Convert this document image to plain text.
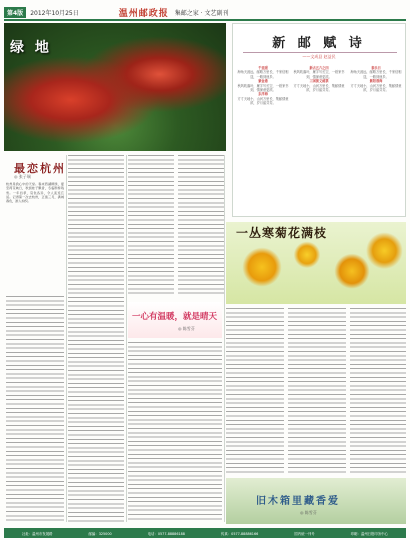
第4版	2012年10月25日	温州邮政报 集邮之家 · 文艺副刊
绿 地	新 邮 赋 诗
——文成县 赵益民
千里眼
海角天涯远，邮路万里长，千家信相送，一路到他乡。
紫金港
秋风吹落叶，雁字写长空，一纸家书到，情深意更浓。
东洋海
方寸天地小，山河万里长，集邮情意浓，岁月留芬芳。
新古五六之四
秋风吹落叶，雁字写长空，一纸家书到，情深意更浓。
三国演义邮票
方寸天地小，山河万里长，集邮情意浓，岁月留芬芳。
泰乐日
海角天涯远，邮路万里长，千家信相送，一路到他乡。
紫阳春海
方寸天地小，山河万里长，集邮情意浓，岁月留芬芳。
最恋杭州
◎ 张子瑞
杭州是我心中的天堂。春来西湖柳绿，夏至荷花映日，秋到桂子飘香，冬临断桥残雪。一年四季，景色各异，令人流连忘返。记得第一次去杭州，正值三月，满城春色，游人如织。
一丛寒菊花满枝
一心有温暖，就是晴天
◎ 陈雪芬
旧木箱里藏香爱
◎ 陈雪芬
社址：温州市发展路	邮编：325000	电话：0577-88886188	传真：0577-88886166	国内统一刊号	印刷：温州日报印务中心
